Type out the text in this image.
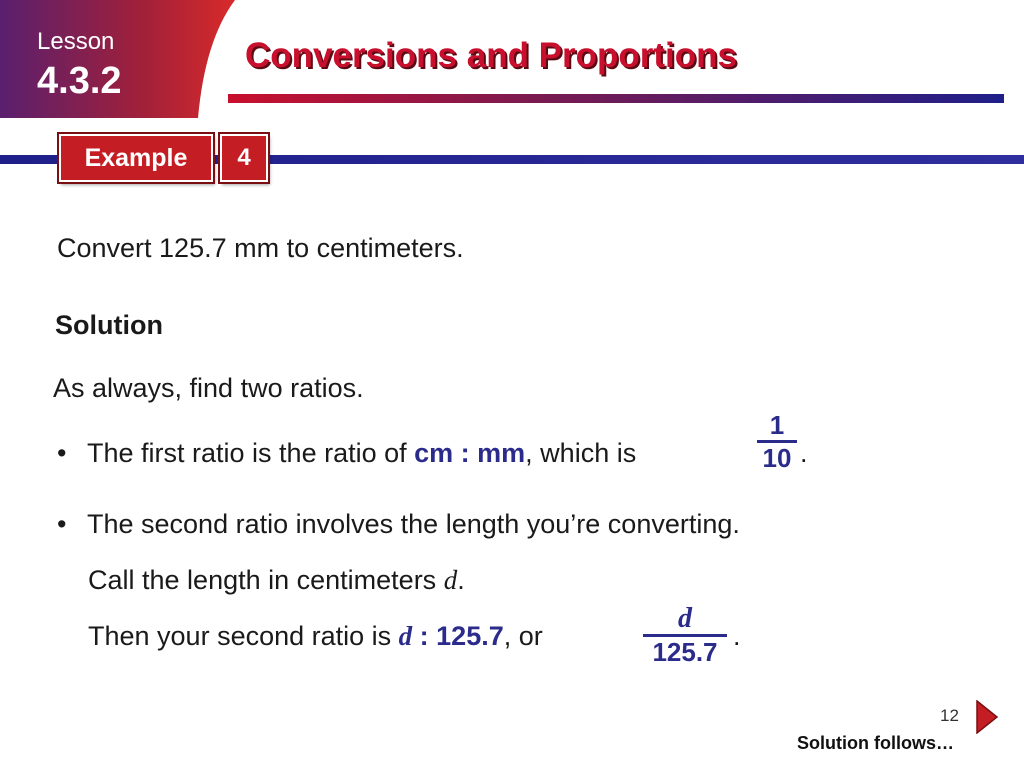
Lesson
4.3.2
Conversions and Proportions
Example	4
Convert 125.7 mm to centimeters.
Solution
As always, find two ratios.
• The first ratio is the ratio of cm : mm, which is
1
10 .
• The second ratio involves the length you’re converting.
Call the length in centimeters d.
Then your second ratio is d : 125.7, or
d
125.7
.
12
Solution follows…
